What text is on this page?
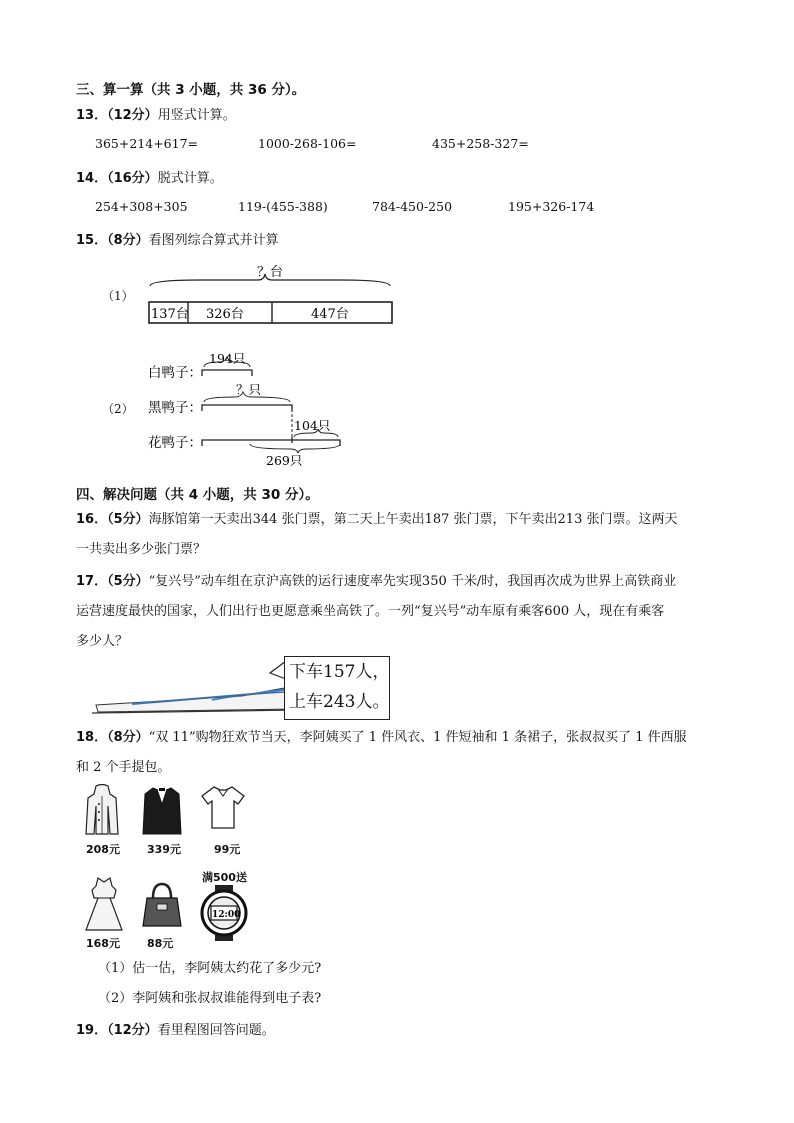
三、算一算（共 3 小题，共 36 分）。
13．（12分）用竖式计算。
365+214+617=	1000-268-106=	435+258-327=
14．（16分）脱式计算。
254+308+305	119-(455-388)	784-450-250	195+326-174
15．（8分）看图列综合算式并计算
（1）
？台
137台 326台	447台
（2）
白鸭子：
黑鸭子：
花鸭子：
194只
？只
104只
269只
四、解决问题（共 4 小题，共 30 分）。
16．（5分）海豚馆第一天卖出344 张门票，第二天上午卖出187 张门票，下午卖出213 张门票。这两天
一共卖出多少张门票？
17．（5分）“复兴号”动车组在京沪高铁的运行速度率先实现350 千米/时，我国再次成为世界上高铁商业
运营速度最快的国家，人们出行也更愿意乘坐高铁了。一列“复兴号”动车原有乘客600 人，现在有乘客
多少人？
下车157人，
上车243人。
18．（8分）“双 11”购物狂欢节当天，李阿姨买了 1 件风衣、1 件短袖和 1 条裙子，张叔叔买了 1 件西服
和 2 个手提包。
208元 339元	99元
168元 88元
满500送
12:00
（1）估一估，李阿姨太约花了多少元?
（2）李阿姨和张叔叔谁能得到电子表?
19．（12分）看里程图回答问题。
